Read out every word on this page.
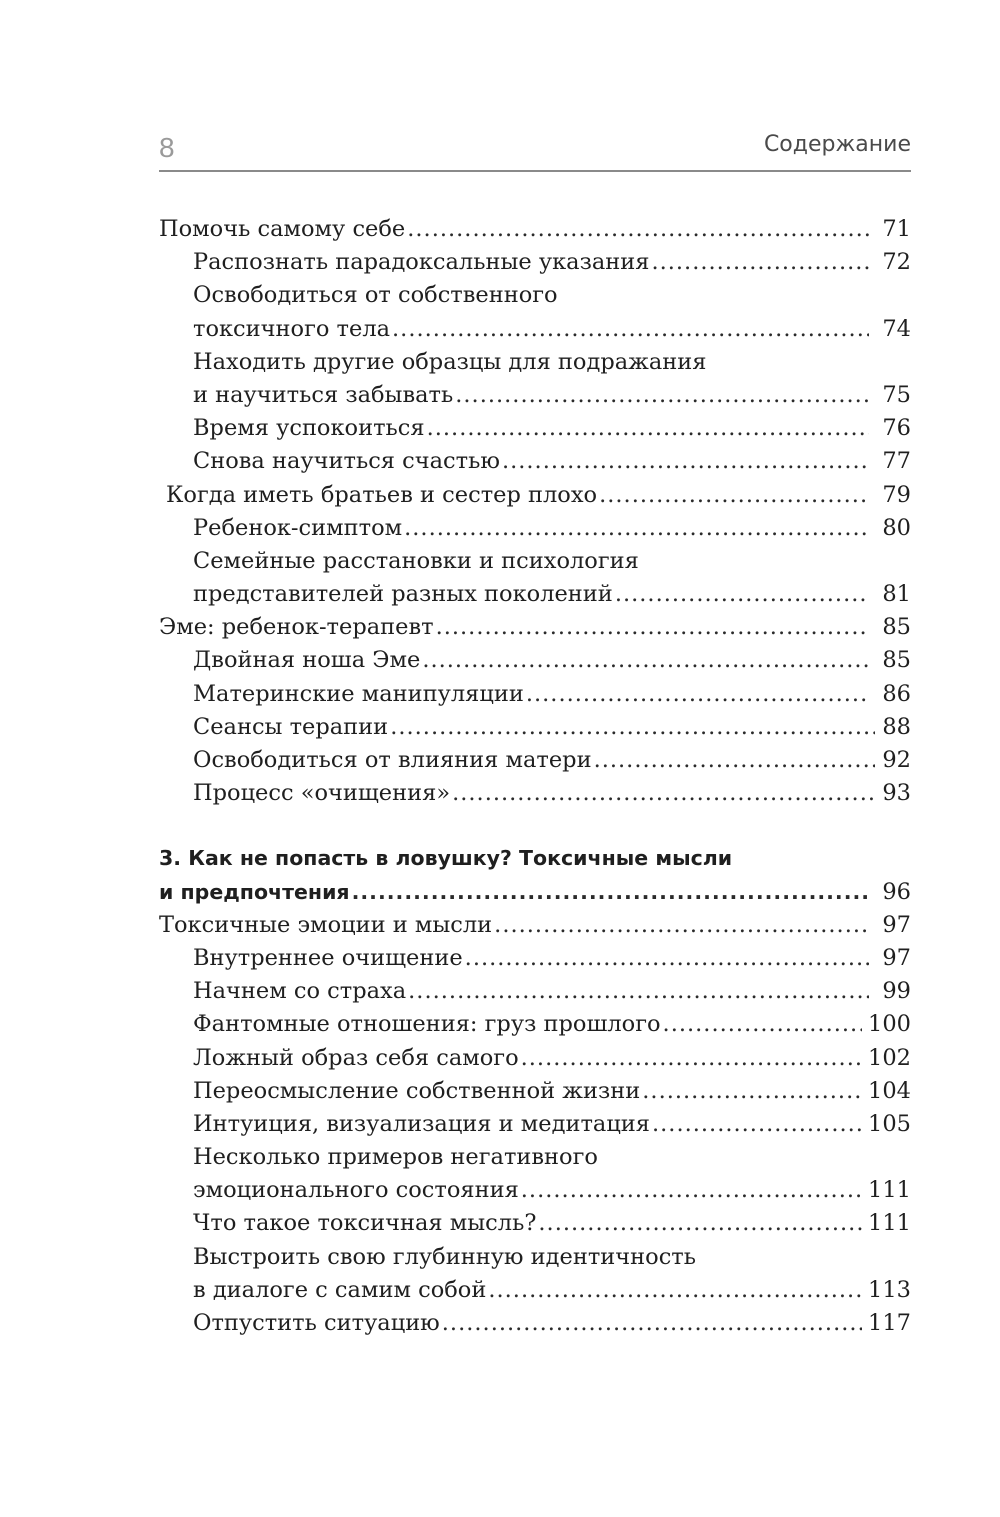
8	Содержание
Помочь самому себе .....	71
Распознать парадоксальные указания .....	72
Освободиться от собственного
токсичного тела .....	74
Находить другие образцы для подражания
и научиться забывать .....	75
Время успокоиться .....	76
Снова научиться счастью .....	77
Когда иметь братьев и сестер плохо .....	79
Ребенок-симптом .....	80
Семейные расстановки и психология
представителей разных поколений .....	81
Эме: ребенок-терапевт .....	85
Двойная ноша Эме .....	85
Материнские манипуляции .....	86
Сеансы терапии .....	88
Освободиться от влияния матери .....	92
Процесс «очищения» .....	93
3. Как не попасть в ловушку? Токсичные мысли
и предпочтения .....	96
Токсичные эмоции и мысли .....	97
Внутреннее очищение .....	97
Начнем со страха .....	99
Фантомные отношения: груз прошлого .....	100
Ложный образ себя самого .....	102
Переосмысление собственной жизни .....	104
Интуиция, визуализация и медитация .....	105
Несколько примеров негативного
эмоционального состояния .....	111
Что такое токсичная мысль? .....	111
Выстроить свою глубинную идентичность
в диалоге с самим собой .....	113
Отпустить ситуацию .....	117
